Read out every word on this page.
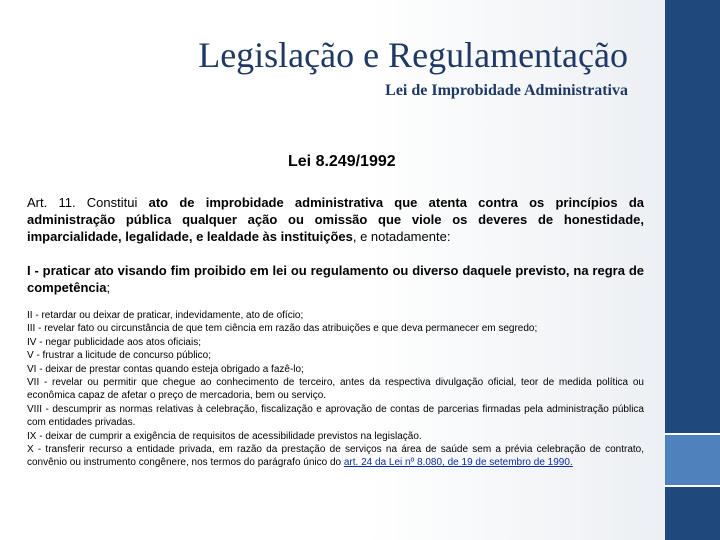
Legislação e Regulamentação
Lei de Improbidade Administrativa
Lei 8.249/1992

Art. 11. Constitui ato de improbidade administrativa que atenta contra os princípios da administração pública qualquer ação ou omissão que viole os deveres de honestidade, imparcialidade, legalidade, e lealdade às instituições, e notadamente:

I - praticar ato visando fim proibido em lei ou regulamento ou diverso daquele previsto, na regra de competência;

II - retardar ou deixar de praticar, indevidamente, ato de ofício;
III - revelar fato ou circunstância de que tem ciência em razão das atribuições e que deva permanecer em segredo;
IV - negar publicidade aos atos oficiais;
V - frustrar a licitude de concurso público;
VI - deixar de prestar contas quando esteja obrigado a fazê-lo;
VII - revelar ou permitir que chegue ao conhecimento de terceiro, antes da respectiva divulgação oficial, teor de medida política ou econômica capaz de afetar o preço de mercadoria, bem ou serviço.
VIII - descumprir as normas relativas à celebração, fiscalização e aprovação de contas de parcerias firmadas pela administração pública com entidades privadas.
IX - deixar de cumprir a exigência de requisitos de acessibilidade previstos na legislação.
X - transferir recurso a entidade privada, em razão da prestação de serviços na área de saúde sem a prévia celebração de contrato, convênio ou instrumento congênere, nos termos do parágrafo único do art. 24 da Lei nº 8.080, de 19 de setembro de 1990.
